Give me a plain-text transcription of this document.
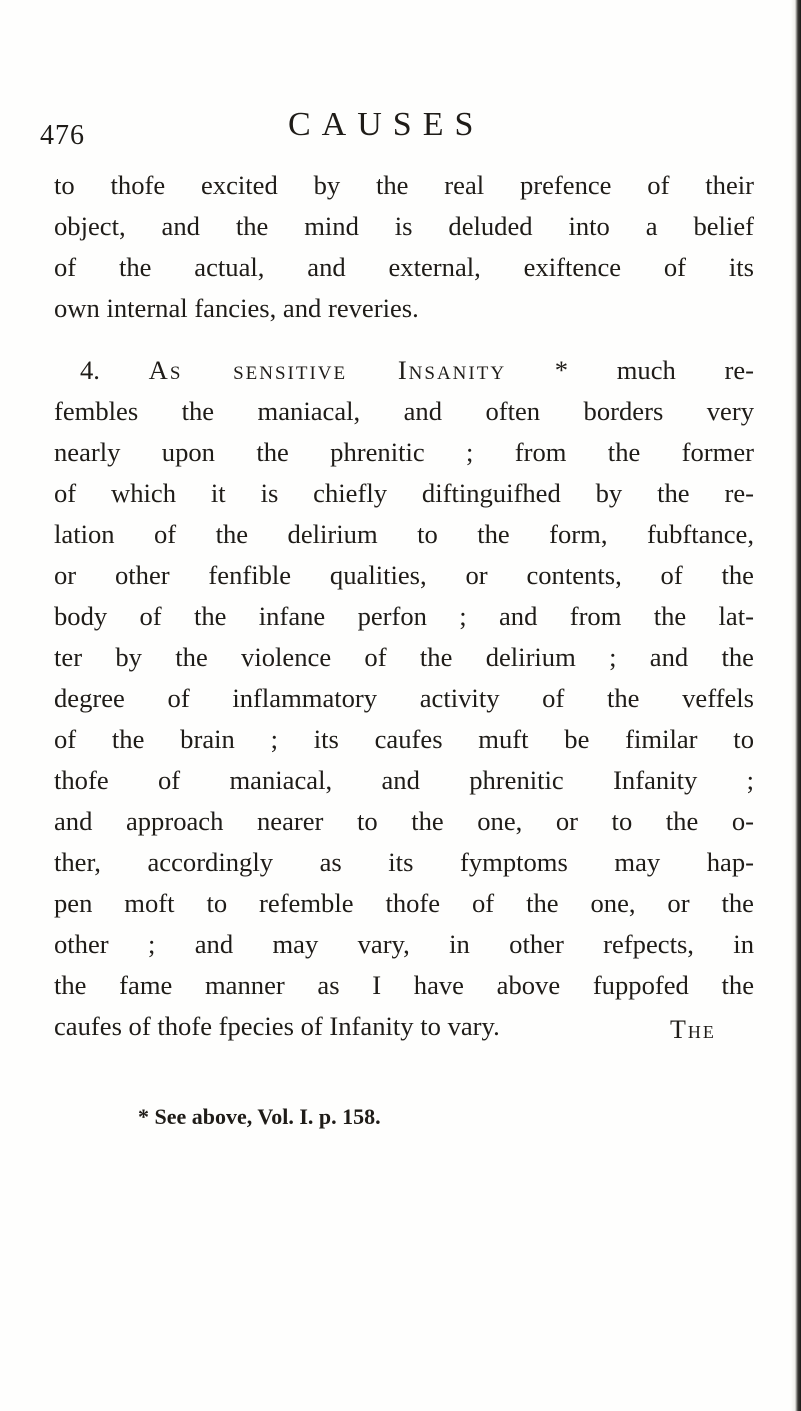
476	CAUSES
to thofe excited by the real prefence of their
object, and the mind is deluded into a belief
of the actual, and external, exiftence of its
own internal fancies, and reveries.
4. As sensitive Insanity * much re-
fembles the maniacal, and often borders very
nearly upon the phrenitic ; from the former
of which it is chiefly diftinguifhed by the re-
lation of the delirium to the form, fubftance,
or other fenfible qualities, or contents, of the
body of the infane perfon ; and from the lat-
ter by the violence of the delirium ; and the
degree of inflammatory activity of the veffels
of the brain ; its caufes muft be fimilar to
thofe of maniacal, and phrenitic Infanity ;
and approach nearer to the one, or to the o-
ther, accordingly as its fymptoms may hap-
pen moft to refemble thofe of the one, or the
other ; and may vary, in other refpects, in
the fame manner as I have above fuppofed the
caufes of thofe fpecies of Infanity to vary.	The
* See above, Vol. I. p. 158.
